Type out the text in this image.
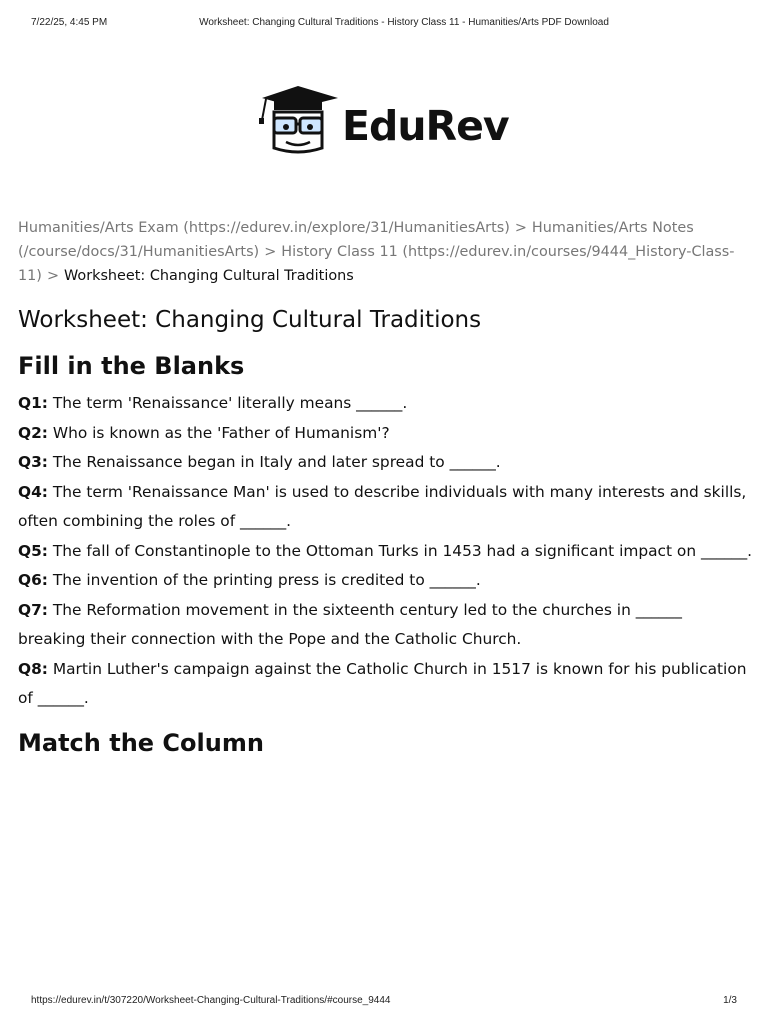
7/22/25, 4:45 PM	Worksheet: Changing Cultural Traditions - History Class 11 - Humanities/Arts PDF Download
EduRev
Humanities/Arts Exam (https://edurev.in/explore/31/HumanitiesArts) > Humanities/Arts Notes (/course/docs/31/HumanitiesArts) > History Class 11 (https://edurev.in/courses/9444_History-Class-11) > Worksheet: Changing Cultural Traditions
Worksheet: Changing Cultural Traditions
Fill in the Blanks

Q1: The term 'Renaissance' literally means ______.

Q2: Who is known as the 'Father of Humanism'?

Q3: The Renaissance began in Italy and later spread to ______.

Q4: The term 'Renaissance Man' is used to describe individuals with many interests and skills, often combining the roles of ______.

Q5: The fall of Constantinople to the Ottoman Turks in 1453 had a significant impact on ______.

Q6: The invention of the printing press is credited to ______.

Q7: The Reformation movement in the sixteenth century led to the churches in ______ breaking their connection with the Pope and the Catholic Church.

Q8: Martin Luther's campaign against the Catholic Church in 1517 is known for his publication of ______.

Match the Column
https://edurev.in/t/307220/Worksheet-Changing-Cultural-Traditions/#course_9444	1/3
